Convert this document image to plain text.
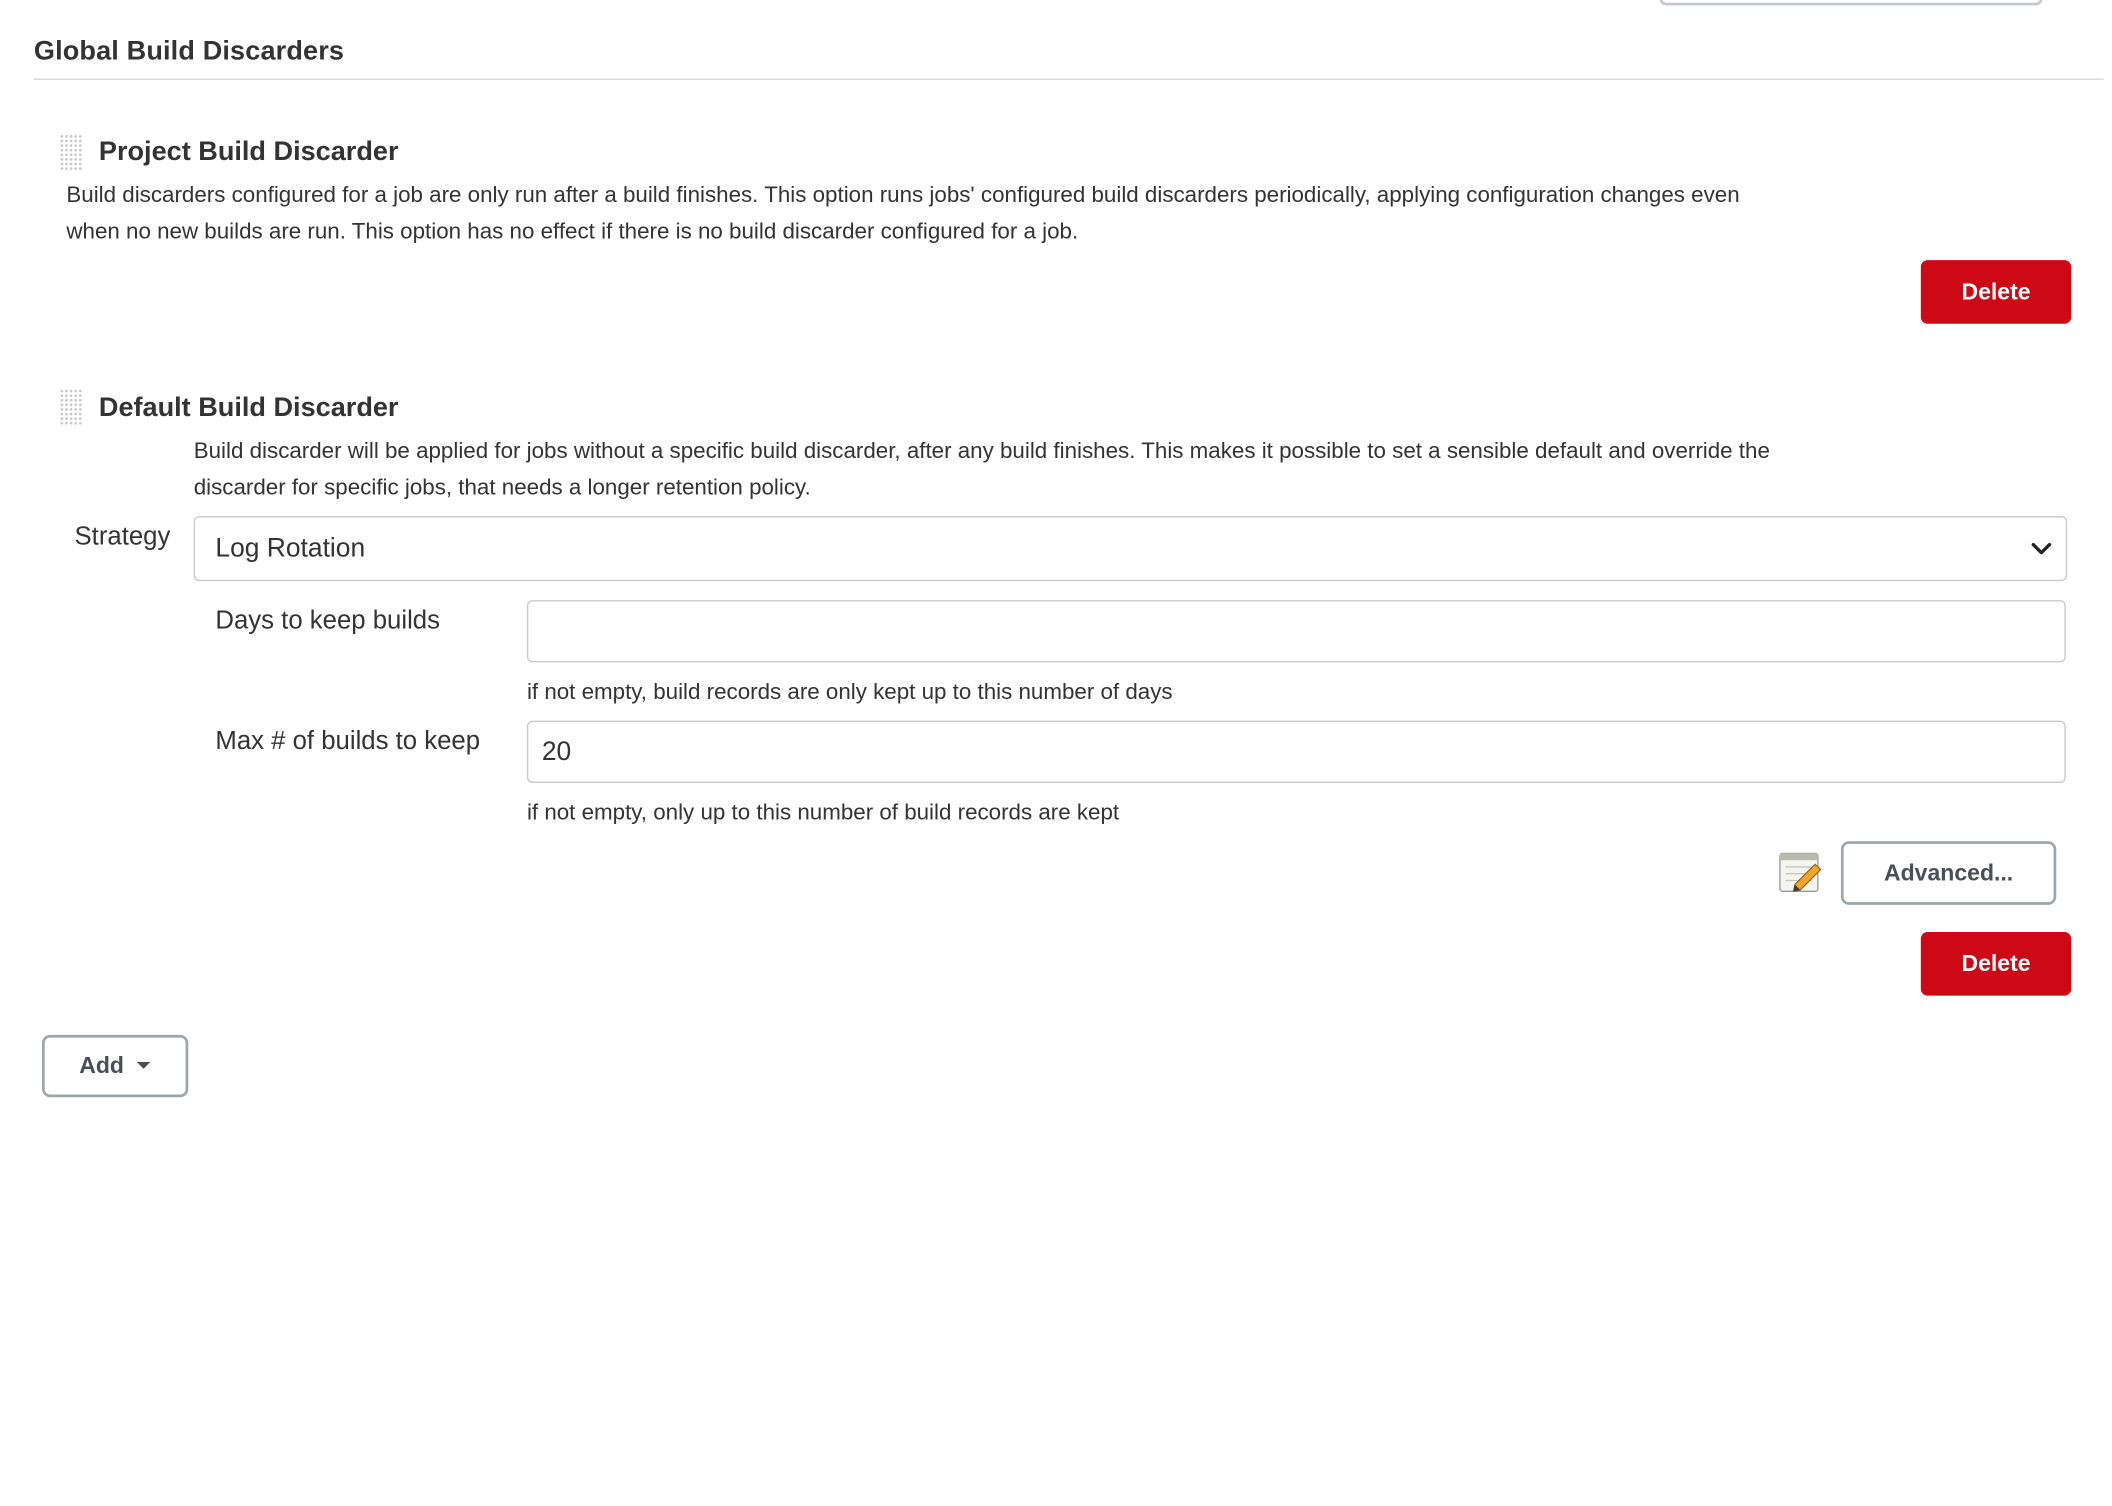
Global Build Discarders
Project Build Discarder
Build discarders configured for a job are only run after a build finishes. This option runs jobs' configured build discarders periodically, applying configuration changes even
when no new builds are run. This option has no effect if there is no build discarder configured for a job.
Delete
Default Build Discarder
Build discarder will be applied for jobs without a specific build discarder, after any build finishes. This makes it possible to set a sensible default and override the
discarder for specific jobs, that needs a longer retention policy.
Strategy Log Rotation
Days to keep builds
if not empty, build records are only kept up to this number of days
Max # of builds to keep
20
if not empty, only up to this number of build records are kept
Advanced...
Delete
Add
